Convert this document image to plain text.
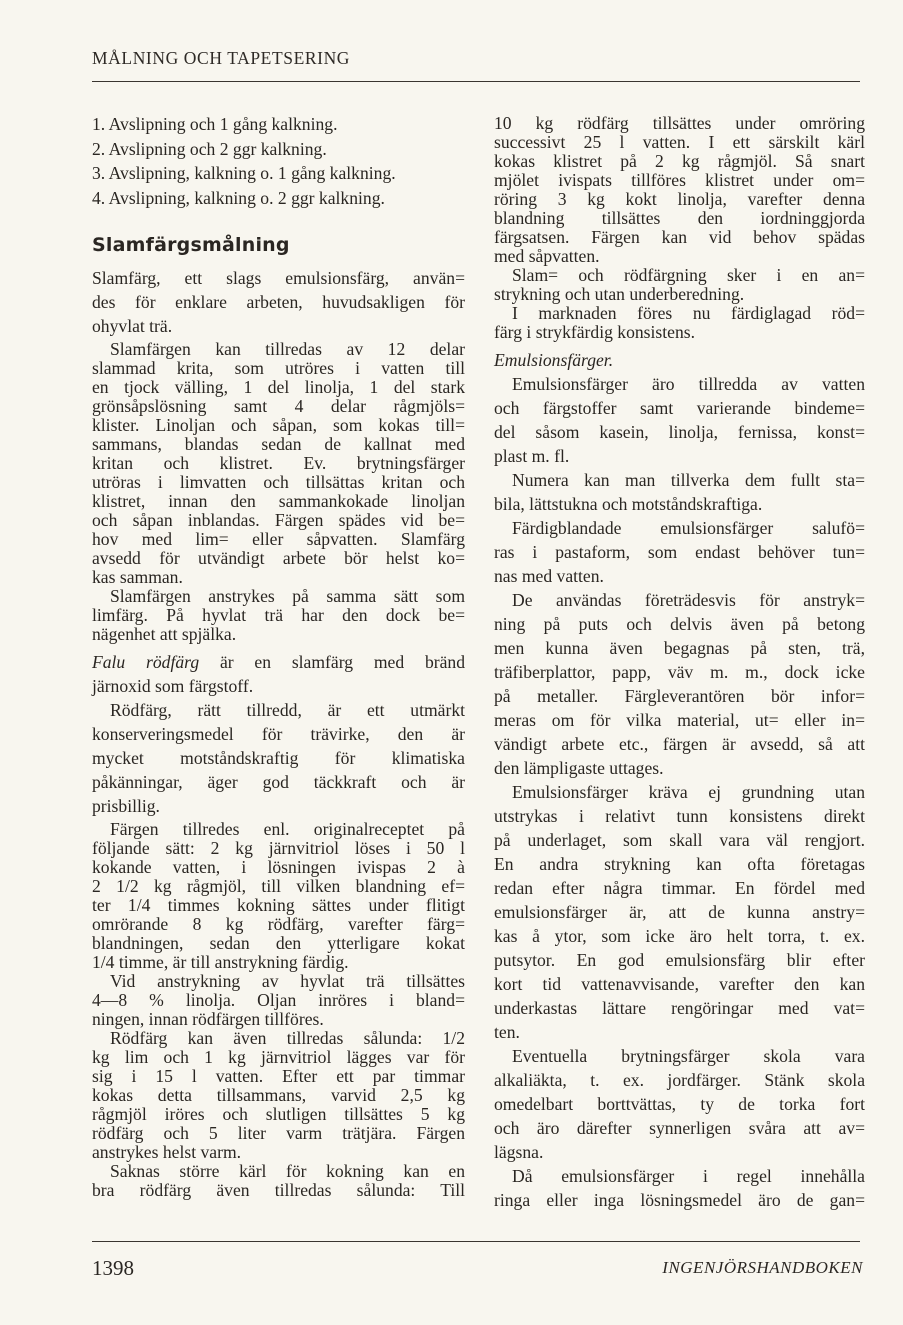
MÅLNING OCH TAPETSERING
1. Avslipning och 1 gång kalkning.
2. Avslipning och 2 ggr kalkning.
3. Avslipning, kalkning o. 1 gång kalkning.
4. Avslipning, kalkning o. 2 ggr kalkning.
Slamfärgsmålning
Slamfärg, ett slags emulsionsfärg, använ=
des för enklare arbeten, huvudsakligen för
ohyvlat trä.
Slamfärgen kan tillredas av 12 delar
slammad krita, som utröres i vatten till
en tjock välling, 1 del linolja, 1 del stark
grönsåpslösning samt 4 delar rågmjöls=
klister. Linoljan och såpan, som kokas till=
sammans, blandas sedan de kallnat med
kritan och klistret. Ev. brytningsfärger
utröras i limvatten och tillsättas kritan och
klistret, innan den sammankokade linoljan
och såpan inblandas. Färgen spädes vid be=
hov med lim= eller såpvatten. Slamfärg
avsedd för utvändigt arbete bör helst ko=
kas samman.
Slamfärgen anstrykes på samma sätt som
limfärg. På hyvlat trä har den dock be=
nägenhet att spjälka.
Falu rödfärg är en slamfärg med bränd
järnoxid som färgstoff.
Rödfärg, rätt tillredd, är ett utmärkt
konserveringsmedel för trävirke, den är
mycket motståndskraftig för klimatiska
påkänningar, äger god täckkraft och är
prisbillig.
Färgen tillredes enl. originalreceptet på
följande sätt: 2 kg järnvitriol löses i 50 l
kokande vatten, i lösningen ivispas 2 à
2 1/2 kg rågmjöl, till vilken blandning ef=
ter 1/4 timmes kokning sättes under flitigt
omrörande 8 kg rödfärg, varefter färg=
blandningen, sedan den ytterligare kokat
1/4 timme, är till anstrykning färdig.
Vid anstrykning av hyvlat trä tillsättes
4—8 % linolja. Oljan inröres i bland=
ningen, innan rödfärgen tillföres.
Rödfärg kan även tillredas sålunda: 1/2
kg lim och 1 kg järnvitriol lägges var för
sig i 15 l vatten. Efter ett par timmar
kokas detta tillsammans, varvid 2,5 kg
rågmjöl iröres och slutligen tillsättes 5 kg
rödfärg och 5 liter varm trätjära. Färgen
anstrykes helst varm.
Saknas större kärl för kokning kan en
bra rödfärg även tillredas sålunda: Till
10 kg rödfärg tillsättes under omröring
successivt 25 l vatten. I ett särskilt kärl
kokas klistret på 2 kg rågmjöl. Så snart
mjölet ivispats tillföres klistret under om=
röring 3 kg kokt linolja, varefter denna
blandning tillsättes den iordninggjorda
färgsatsen. Färgen kan vid behov spädas
med såpvatten.
Slam= och rödfärgning sker i en an=
strykning och utan underberedning.
I marknaden föres nu färdiglagad röd=
färg i strykfärdig konsistens.
Emulsionsfärger.
Emulsionsfärger äro tillredda av vatten
och färgstoffer samt varierande bindeme=
del såsom kasein, linolja, fernissa, konst=
plast m. fl.
Numera kan man tillverka dem fullt sta=
bila, lättstukna och motståndskraftiga.
Färdigblandade emulsionsfärger salufö=
ras i pastaform, som endast behöver tun=
nas med vatten.
De användas företrädesvis för anstryk=
ning på puts och delvis även på betong
men kunna även begagnas på sten, trä,
träfiberplattor, papp, väv m. m., dock icke
på metaller. Färgleverantören bör infor=
meras om för vilka material, ut= eller in=
vändigt arbete etc., färgen är avsedd, så att
den lämpligaste uttages.
Emulsionsfärger kräva ej grundning utan
utstrykas i relativt tunn konsistens direkt
på underlaget, som skall vara väl rengjort.
En andra strykning kan ofta företagas
redan efter några timmar. En fördel med
emulsionsfärger är, att de kunna anstry=
kas å ytor, som icke äro helt torra, t. ex.
putsytor. En god emulsionsfärg blir efter
kort tid vattenavvisande, varefter den kan
underkastas lättare rengöringar med vat=
ten.
Eventuella brytningsfärger skola vara
alkaliäkta, t. ex. jordfärger. Stänk skola
omedelbart borttvättas, ty de torka fort
och äro därefter synnerligen svåra att av=
lägsna.
Då emulsionsfärger i regel innehålla
ringa eller inga lösningsmedel äro de gan=
1398	INGENJÖRSHANDBOKEN
